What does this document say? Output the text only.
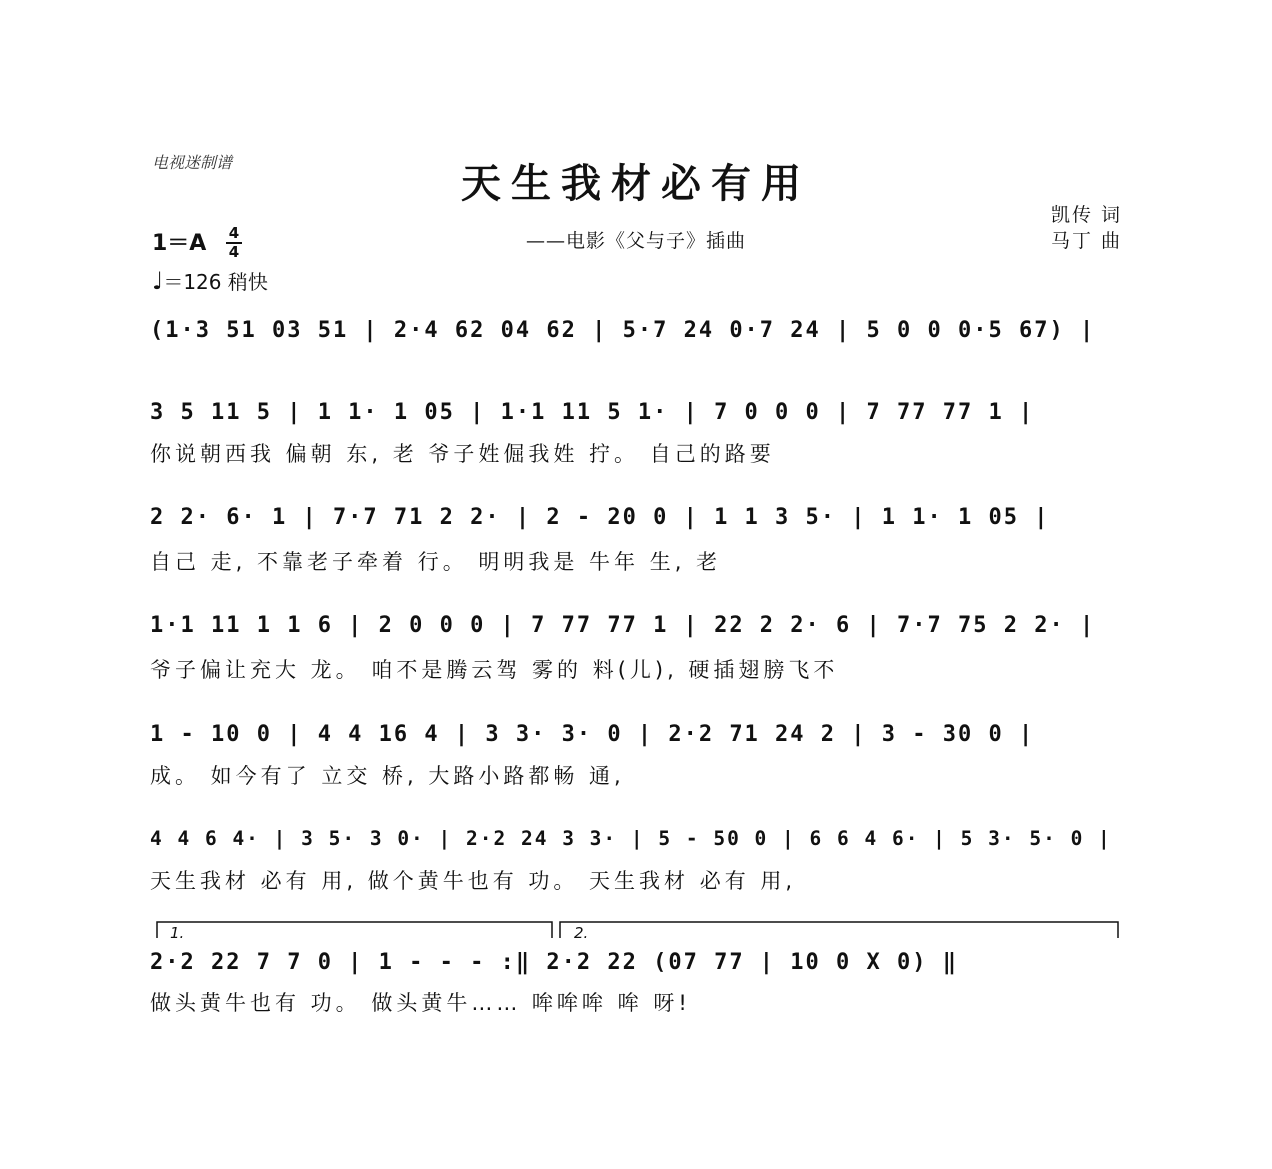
电视迷制谱	天生我材必有用
——电影《父与子》插曲
凯传 词
马丁 曲
1＝A 4
4
♩＝126 稍快
(1·3 51 03 51 | 2·4 62 04 62 | 5·7 24 0·7 24 | 5 0 0 0·5 67) |
3 5 11 5 | 1 1· 1 05 | 1·1 11 5 1· | 7 0 0 0 | 7 77 77 1 |
你说朝西我 偏朝 东, 老 爷子姓倔我姓 拧。 自己的路要
2 2· 6· 1 | 7·7 71 2 2· | 2 - 20 0 | 1 1 3 5· | 1 1· 1 05 |
自己 走, 不靠老子牵着 行。 明明我是 牛年 生, 老
1·1 11 1 1 6 | 2 0 0 0 | 7 77 77 1 | 22 2 2· 6 | 7·7 75 2 2· |
爷子偏让充大 龙。 咱不是腾云驾 雾的 料(儿), 硬插翅膀飞不
1 - 10 0 | 4 4 16 4 | 3 3· 3· 0 | 2·2 71 24 2 | 3 - 30 0 |
成。 如今有了 立交 桥, 大路小路都畅 通,
4 4 6 4· | 3 5· 3 0· | 2·2 24 3 3· | 5 - 50 0 | 6 6 4 6· | 5 3· 5· 0 |
天生我材 必有 用, 做个黄牛也有 功。 天生我材 必有 用,
1.	2.
2·2 22 7 7 0 | 1 - - - :‖ 2·2 22 (07 77 | 10 0 X 0) ‖
做头黄牛也有 功。 做头黄牛…… 哞哞哞 哞 呀!
